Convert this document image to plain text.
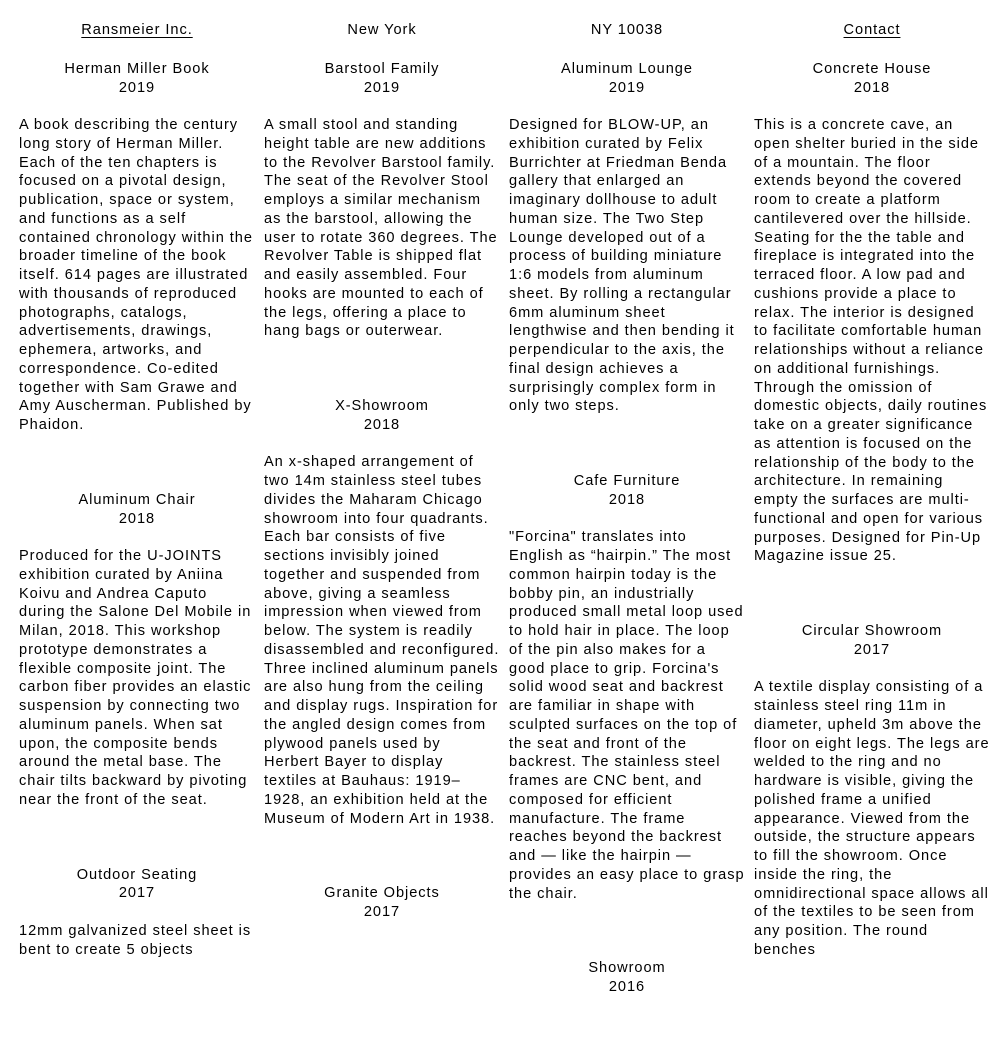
Ransmeier Inc.

Herman Miller Book

2019

A book describing the century long story of Herman Miller. Each of the ten chapters is focused on a pivotal design, publication, space or system, and functions as a self contained chronology within the broader timeline of the book itself. 614 pages are illustrated with thousands of reproduced photographs, catalogs, advertisements, drawings, ephemera, artworks, and correspondence. Co-edited together with Sam Grawe and Amy Auscherman. Published by Phaidon.

Aluminum Chair

2018

Produced for the U-JOINTS exhibition curated by Aniina Koivu and Andrea Caputo during the Salone Del Mobile in Milan, 2018. This workshop prototype demonstrates a flexible composite joint. The carbon fiber provides an elastic suspension by connecting two aluminum panels. When sat upon, the composite bends around the metal base. The chair tilts backward by pivoting near the front of the seat.

Outdoor Seating

2017

12mm galvanized steel sheet is bent to create 5 objects

New York

Barstool Family

2019

A small stool and standing height table are new additions to the Revolver Barstool family. The seat of the Revolver Stool employs a similar mechanism as the barstool, allowing the user to rotate 360 degrees. The Revolver Table is shipped flat and easily assembled. Four hooks are mounted to each of the legs, offering a place to hang bags or outerwear.

X-Showroom

2018

An x-shaped arrangement of two 14m stainless steel tubes divides the Maharam Chicago showroom into four quadrants. Each bar consists of five sections invisibly joined together and suspended from above, giving a seamless impression when viewed from below. The system is readily disassembled and reconfigured. Three inclined aluminum panels are also hung from the ceiling and display rugs. Inspiration for the angled design comes from plywood panels used by Herbert Bayer to display textiles at Bauhaus: 1919–1928, an exhibition held at the Museum of Modern Art in 1938.

Granite Objects

2017

NY 10038

Aluminum Lounge

2019

Designed for BLOW-UP, an exhibition curated by Felix Burrichter at Friedman Benda gallery that enlarged an imaginary dollhouse to adult human size. The Two Step Lounge developed out of a process of building miniature 1:6 models from aluminum sheet. By rolling a rectangular 6mm aluminum sheet lengthwise and then bending it perpendicular to the axis, the final design achieves a surprisingly complex form in only two steps.

Cafe Furniture

2018

"Forcina" translates into English as “hairpin.” The most common hairpin today is the bobby pin, an industrially produced small metal loop used to hold hair in place. The loop of the pin also makes for a good place to grip. Forcina's solid wood seat and backrest are familiar in shape with sculpted surfaces on the top of the seat and front of the backrest. The stainless steel frames are CNC bent, and composed for efficient manufacture. The frame reaches beyond the backrest and — like the hairpin — provides an easy place to grasp the chair.

Showroom

2016

Contact

Concrete House

2018

This is a concrete cave, an open shelter buried in the side of a mountain. The floor extends beyond the covered room to create a platform cantilevered over the hillside. Seating for the the table and fireplace is integrated into the terraced floor. A low pad and cushions provide a place to relax. The interior is designed to facilitate comfortable human relationships without a reliance on additional furnishings. Through the omission of domestic objects, daily routines take on a greater significance as attention is focused on the relationship of the body to the architecture. In remaining empty the surfaces are multi-functional and open for various purposes. Designed for Pin-Up Magazine issue 25.

Circular Showroom

2017

A textile display consisting of a stainless steel ring 11m in diameter, upheld 3m above the floor on eight legs. The legs are welded to the ring and no hardware is visible, giving the polished frame a unified appearance. Viewed from the outside, the structure appears to fill the showroom. Once inside the ring, the omnidirectional space allows all of the textiles to be seen from any position. The round benches
